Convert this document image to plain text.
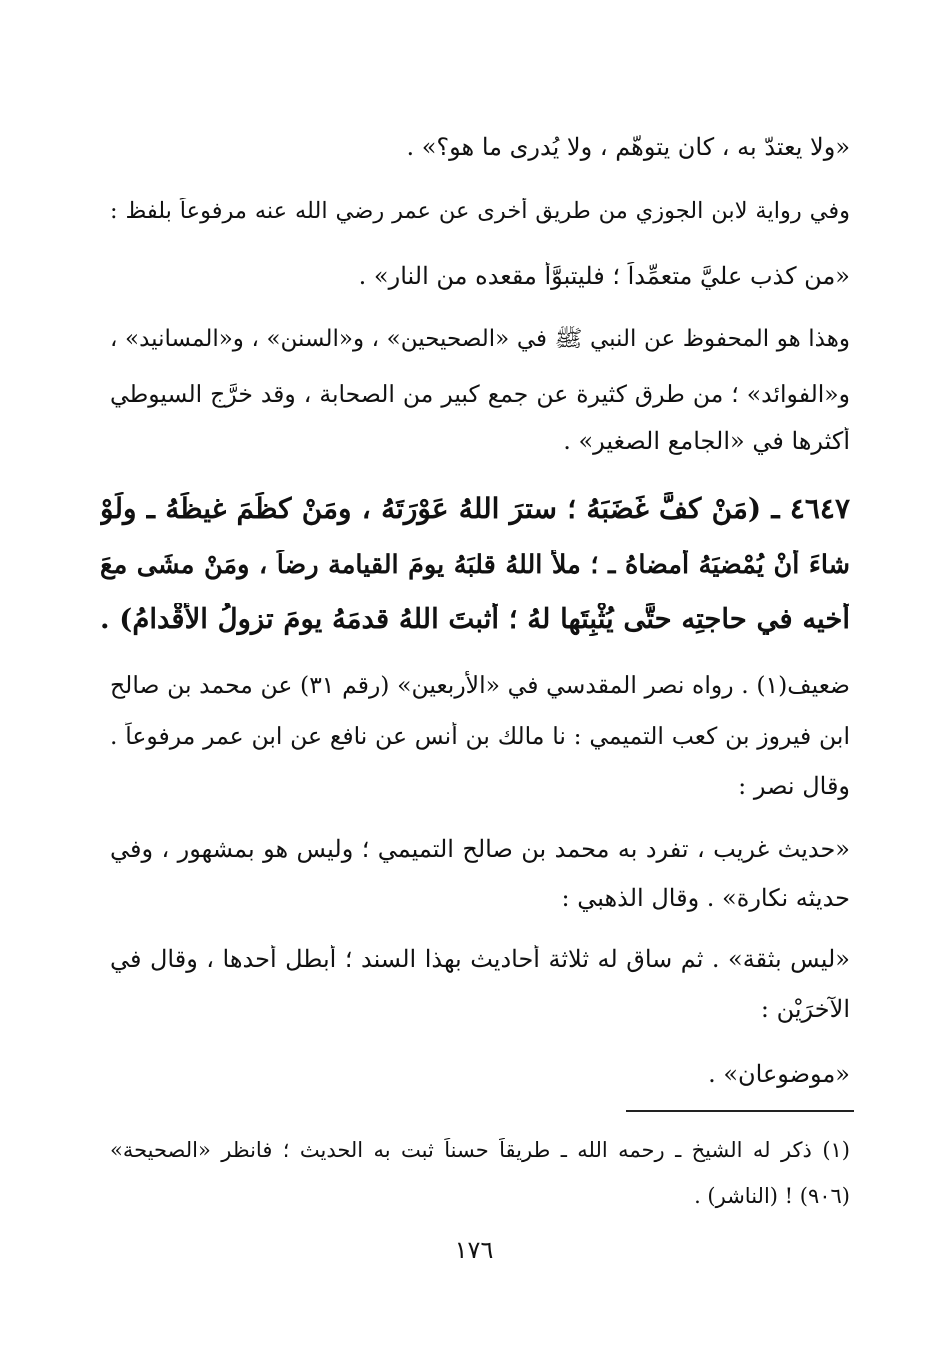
«ولا يعتدّ به ، كان يتوهّم ، ولا يُدرى ما هو؟» .
وفي رواية لابن الجوزي من طريق أخرى عن عمر رضي الله عنه مرفوعاً بلفظ :
«من كذب عليَّ متعمِّداً ؛ فليتبوَّأ مقعده من النار» .
وهذا هو المحفوظ عن النبي ﷺ في «الصحيحين» ، و«السنن» ، و«المسانيد» ،
و«الفوائد» ؛ من طرق كثيرة عن جمع كبير من الصحابة ، وقد خرَّج السيوطي
أكثرها في «الجامع الصغير» .
٤٦٤٧ ـ (مَنْ كفَّ غَضَبَهُ ؛ سترَ اللهُ عَوْرَتَهُ ، ومَنْ كظَمَ غيظَهُ ـ ولَوْ
شاءَ أنْ يُمْضيَهُ أَمضاهُ ـ ؛ ملأَ اللهُ قلبَهُ يومَ القيامة رضاً ، ومَنْ مشَى معَ
أخيه في حاجتِه حتَّى يُثْبِتَها لهُ ؛ أَثبتَ اللهُ قدمَهُ يومَ تزولُ الأَقْدامُ) .
ضعيف(١) . رواه نصر المقدسي في «الأربعين» (رقم ٣١) عن محمد بن صالح
ابن فيروز بن كعب التميمي : نا مالك بن أنس عن نافع عن ابن عمر مرفوعاً .
وقال نصر :
«حديث غريب ، تفرد به محمد بن صالح التميمي ؛ وليس هو بمشهور ، وفي
حديثه نكارة» . وقال الذهبي :
«ليس بثقة» . ثم ساق له ثلاثة أحاديث بهذا السند ؛ أبطل أحدها ، وقال في
الآخرَيْن :
«موضوعان» .
(١) ذكر له الشيخ ـ رحمه الله ـ طريقاً حسناً ثبت به الحديث ؛ فانظر «الصحيحة»
(٩٠٦) ! (الناشر) .
١٧٦
